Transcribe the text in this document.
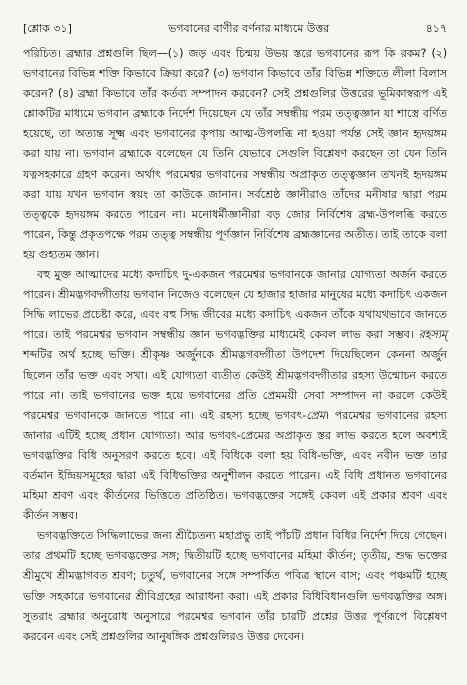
[শ্লোক ৩১]	ভগবানের বাণীর বর্ণনার মাধ্যমে উত্তর	৪১৭

পরিচিত। ব্রহ্মার প্রশ্নগুলি ছিল—(১) জড় এবং চিন্ময় উভয় স্তরে ভগবানের রূপ কি রকম? (২) ভগবানের বিভিন্ন শক্তি কিভাবে ক্রিয়া করে? (৩) ভগবান কিভাবে তাঁর বিভিন্ন শক্তিতে লীলা বিলাস করেন? (৪) ব্রহ্মা কিভাবে তাঁর কর্তব্য সম্পাদন করবেন? সেই প্রশ্নগুলির উত্তরের ভূমিকাস্বরূপ এই শ্লোকটির মাধ্যমে ভগবান ব্রহ্মাকে নির্দেশ দিয়েছেন যে তাঁর সম্বন্ধীয় পরম তত্ত্বজ্ঞান যা শাস্ত্রে বর্ণিত হয়েছে, তা অত্যন্ত সূক্ষ্ম এবং ভগবানের কৃপায় আত্ম-উপলব্ধি না হওয়া পর্যন্ত সেই জ্ঞান হৃদয়ঙ্গম করা যায় না। ভগবান ব্রহ্মাকে বলেছেন যে তিনি যেভাবে সেগুলি বিশ্লেষণ করছেন তা যেন তিনি যত্নসহকারে গ্রহণ করেন। অর্থাৎ পরমেশ্বর ভগবানের সম্বন্ধীয় অপ্রাকৃত তত্ত্বজ্ঞান তখনই হৃদয়ঙ্গম করা যায় যখন ভগবান স্বয়ং তা কাউকে জানান। সর্বশ্রেষ্ঠ জ্ঞানীরাও তাঁদের মনীষার দ্বারা পরম তত্ত্বকে হৃদয়ঙ্গম করতে পারেন না। মনোধর্মীজ্ঞানীরা বড় জোর নির্বিশেষ ব্রহ্ম-উপলব্ধি করতে পারেন, কিন্তু প্রকৃতপক্ষে পরম তত্ত্ব সম্বন্ধীয় পূর্ণজ্ঞান নির্বিশেষ ব্রহ্মজ্ঞানের অতীত। তাই তাকে বলা হয় গুহ্যতম জ্ঞান।

বহু মুক্ত আত্মাদের মধ্যে কদাচিৎ দু-একজন পরমেশ্বর ভগবানকে জানার যোগ্যতা অর্জন করতে পারেন। শ্রীমদ্ভগবদ্গীতায় ভগবান নিজেও বলেছেন যে হাজার হাজার মানুষের মধ্যে কদাচিৎ একজন সিদ্ধি লাভের প্রচেষ্টা করে, এবং বহু সিদ্ধ জীবের মধ্যে কদাচিৎ একজন তাঁকে যথাযথভাবে জানতে পারে। তাই পরমেশ্বর ভগবান সম্বন্ধীয় জ্ঞান ভগবদ্ভক্তির মাধ্যমেই কেবল লাভ করা সম্ভব। রহস্যম্ শব্দটির অর্থ হচ্ছে ভক্তি। শ্রীকৃষ্ণ অর্জুনকে শ্রীমদ্ভগবদ্গীতা উপদেশ দিয়েছিলেন কেননা অর্জুন ছিলেন তাঁর ভক্ত এবং সখা। এই যোগ্যতা ব্যতীত কেউই শ্রীমদ্ভগবদ্গীতার রহস্য উন্মোচন করতে পারে না। তাই ভগবানের ভক্ত হয়ে ভগবানের প্রতি প্রেমময়ী সেবা সম্পাদন না করলে কেউই পরমেশ্বর ভগবানকে জানতে পারে না। এই রহস্য হচ্ছে ভগবৎ-প্রেম। পরমেশ্বর ভগবানের রহস্য জানার এটিই হচ্ছে প্রধান যোগ্যতা। আর ভগবৎ-প্রেমের অপ্রাকৃত স্তর লাভ করতে হলে অবশ্যই ভগবদ্ভক্তির বিধি অনুসরণ করতে হবে। এই বিধিকে বলা হয় বিধি-ভক্তি, এবং নবীন ভক্ত তার বর্তমান ইন্দ্রিয়সমূহের দ্বারা এই বিধিভক্তির অনুশীলন করতে পারেন। এই বিধি প্রধানত ভগবানের মহিমা শ্রবণ এবং কীর্তনের ভিত্তিতে প্রতিষ্ঠিত। ভগবদ্ভক্তের সঙ্গেই কেবল এই প্রকার শ্রবণ এবং কীর্তন সম্ভব।

ভগবদ্ভক্তিতে সিদ্ধিলাভের জন্য শ্রীচৈতন্য মহাপ্রভু তাই পাঁচটি প্রধান বিধির নির্দেশ দিয়ে গেছেন। তার প্রথমটি হচ্ছে ভগবদ্ভক্তের সঙ্গ; দ্বিতীয়টি হচ্ছে ভগবানের মহিমা কীর্তন; তৃতীয়, শুদ্ধ ভক্তের শ্রীমুখে শ্রীমদ্ভাগবত শ্রবণ; চতুর্থ, ভগবানের সঙ্গে সম্পর্কিত পবিত্র স্থানে বাস; এবং পঞ্চমটি হচ্ছে ভক্তি সহকারে ভগবানের শ্রীবিগ্রহের আরাধনা করা। এই প্রকার বিধিবিধানগুলি ভগবদ্ভক্তির অঙ্গ। সুতরাং ব্রহ্মার অনুরোধ অনুসারে পরমেশ্বর ভগবান তাঁর চারটি প্রশ্নের উত্তর পূর্ণরূপে বিশ্লেষণ করবেন এবং সেই প্রশ্নগুলির আনুষঙ্গিক প্রশ্নগুলিরও উত্তর দেবেন।
